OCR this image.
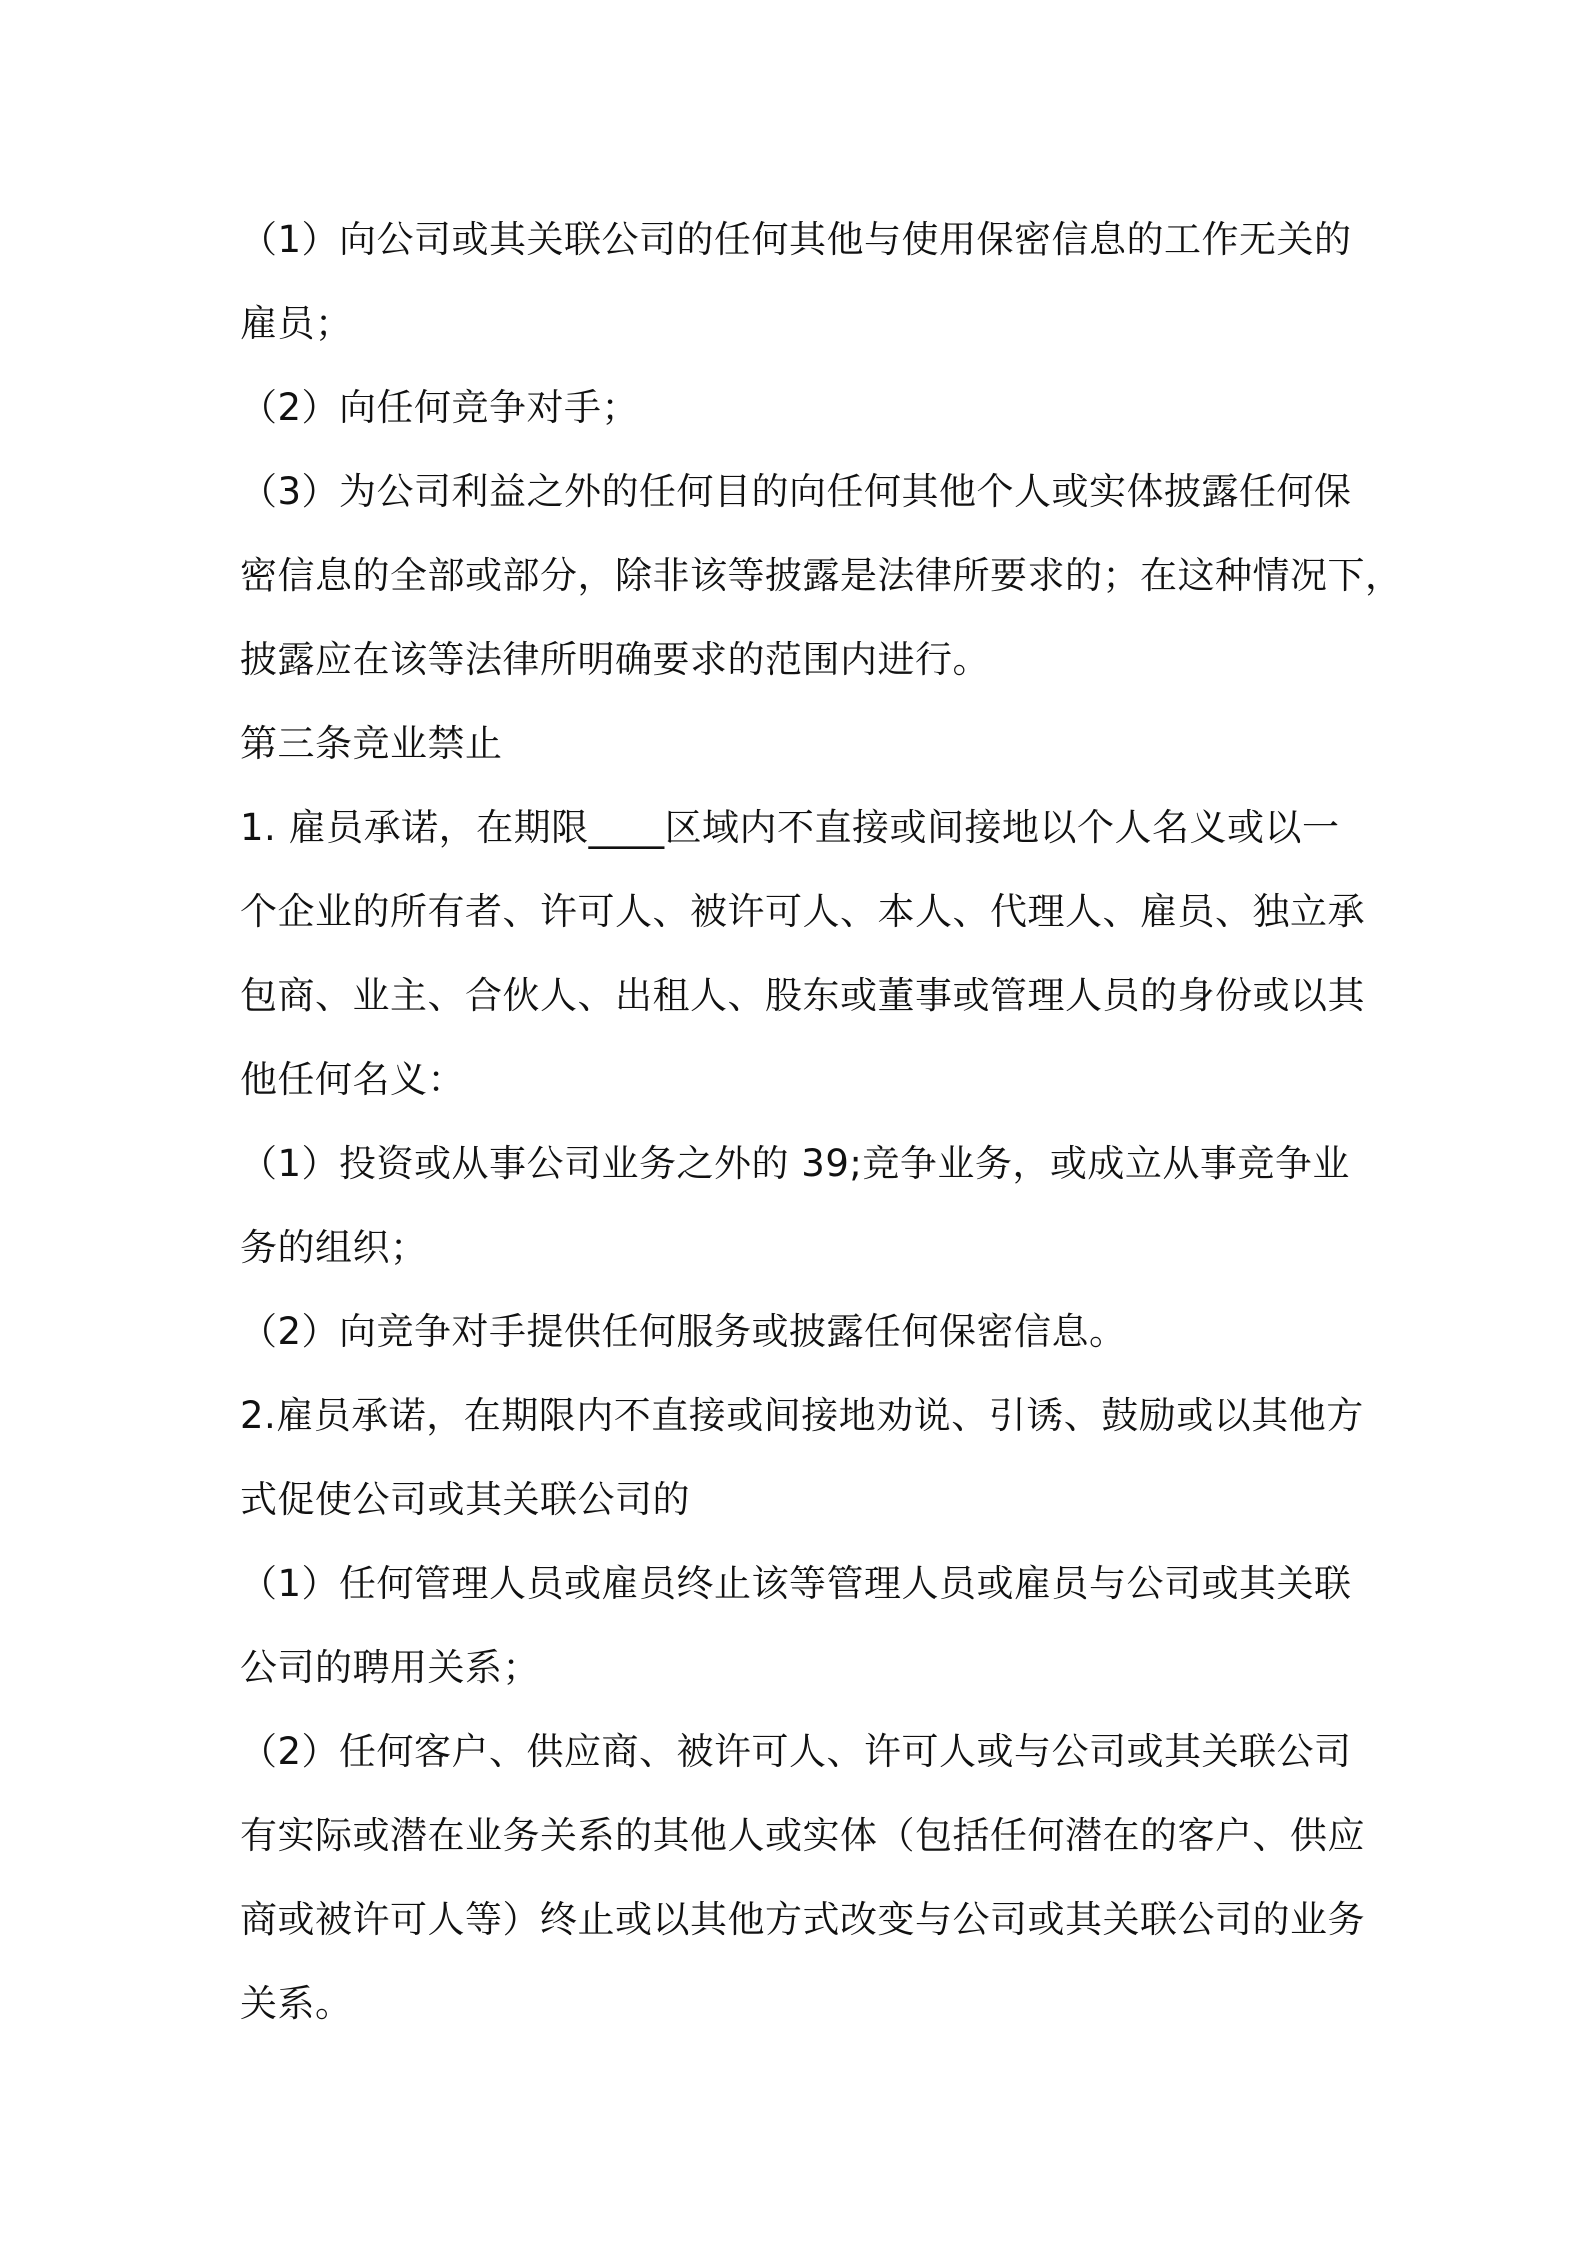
（1）向公司或其关联公司的任何其他与使用保密信息的工作无关的
雇员；
（2）向任何竞争对手；
（3）为公司利益之外的任何目的向任何其他个人或实体披露任何保
密信息的全部或部分，除非该等披露是法律所要求的；在这种情况下，
披露应在该等法律所明确要求的范围内进行。
第三条竞业禁止
1. 雇员承诺，在期限____区域内不直接或间接地以个人名义或以一
个企业的所有者、许可人、被许可人、本人、代理人、雇员、独立承
包商、业主、合伙人、出租人、股东或董事或管理人员的身份或以其
他任何名义：
（1）投资或从事公司业务之外的 39;竞争业务，或成立从事竞争业
务的组织；
（2）向竞争对手提供任何服务或披露任何保密信息。
2.雇员承诺，在期限内不直接或间接地劝说、引诱、鼓励或以其他方
式促使公司或其关联公司的
（1）任何管理人员或雇员终止该等管理人员或雇员与公司或其关联
公司的聘用关系；
（2）任何客户、供应商、被许可人、许可人或与公司或其关联公司
有实际或潜在业务关系的其他人或实体（包括任何潜在的客户、供应
商或被许可人等）终止或以其他方式改变与公司或其关联公司的业务
关系。
